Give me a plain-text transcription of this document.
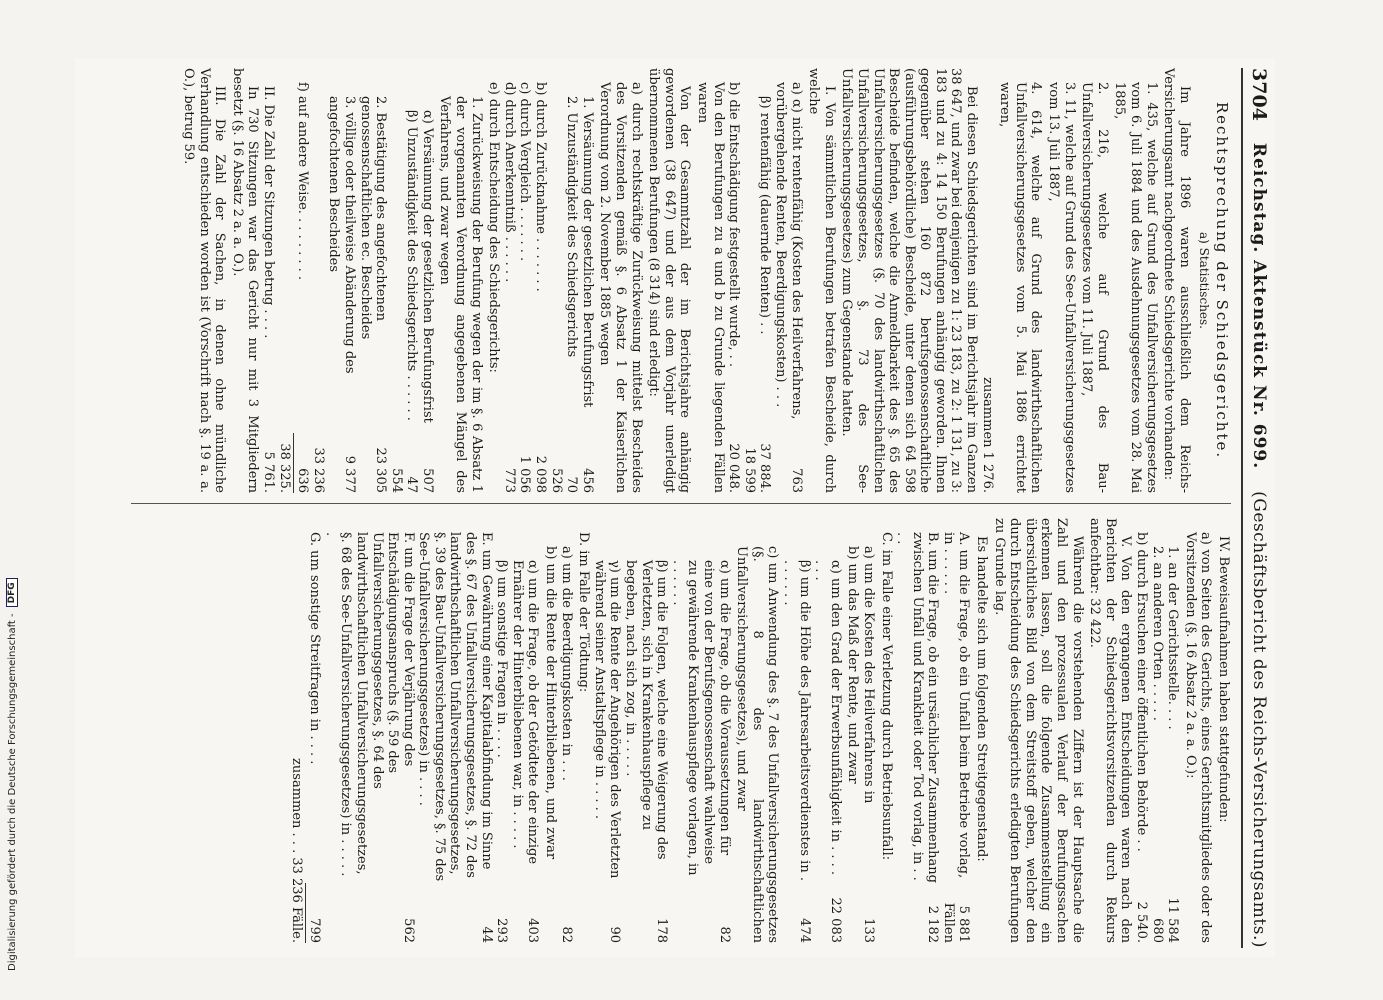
Digitalisierung gefördert durch die Deutsche Forschungsgemeinschaft -
DFG
3704
Reichstag. Aktenstück Nr. 699.
(Geschäftsbericht des Reichs-Versicherungsamts.)
Rechtsprechung der Schiedsgerichte.
a) Statistisches.

Im Jahre 1896 waren ausschließlich dem Reichs-Versicherungsamt nachgeordnete Schiedsgerichte vorhanden:

1. 435, welche auf Grund des Unfallversicherungsgesetzes vom 6. Juli 1884 und des Ausdehnungsgesetzes vom 28. Mai 1885,
2. 216, welche auf Grund des Bau-Unfallversicherungsgesetzes vom 11. Juli 1887,
3. 11, welche auf Grund des See-Unfallversicherungsgesetzes vom 13. Juli 1887,
4. 614, welche auf Grund des landwirthschaftlichen Unfallversicherungsgesetzes vom 5. Mai 1886 errichtet waren,
zusammen 1 276.

Bei diesen Schiedsgerichten sind im Berichtsjahr im Ganzen 38 647, und zwar bei denjenigen zu 1: 23 183, zu 2: 1 131, zu 3: 183 und zu 4: 14 150 Berufungen anhängig geworden. Ihnen gegenüber stehen 160 872 berufsgenossenschaftliche (ausführungsbehördliche) Bescheide, unter denen sich 64 598 Bescheide befinden, welche die Anmeldbarkeit des §. 65 des Unfallversicherungsgesetzes (§. 70 des landwirthschaftlichen Unfallversicherungsgesetzes, §. 73 des See-Unfallversicherungsgesetzes) zum Gegenstande hatten.

I. Von sämmtlichen Berufungen betrafen Bescheide, durch welche

a) α) nicht rentenfähig (Kosten des Heilverfahrens, vorübergehende Renten, Beerdigungskosten) . . .
763
β) rentenfähig (dauernde Renten) . .
37 884.
18 599
b) die Entschädigung festgestellt wurde, . .
20 048.

Von den Berufungen zu a und b zu Grunde liegenden Fällen waren

Von der Gesammtzahl der im Berichtsjahre anhängig gewordenen (38 647) und der aus dem Vorjahr unerledigt übernommenen Berufungen (8 314) sind erledigt:

a) durch rechtskräftige Zurückweisung mittelst Bescheides des Vorsitzenden gemäß §. 6 Absatz 1 der Kaiserlichen Verordnung vom 2. November 1885 wegen

1. Versäumung der gesetzlichen Berufungsfrist
456
2. Unzuständigkeit des Schiedsgerichts
70
526
b) durch Zurücknahme . . . . . . .
2 098
c) durch Vergleich . . . . . . .
1 056
d) durch Anerkenntniß . . . . . .
773
e) durch Entscheidung des Schiedsgerichts:

1. Zurückweisung der Berufung wegen der im §. 6 Absatz 1 der vorgenannten Verordnung angegebenen Mängel des Verfahrens, und zwar wegen

α) Versäumung der gesetzlichen Berufungsfrist
507
β) Unzuständigkeit des Schiedsgerichts . . . . . .
47
554
2. Bestätigung des angefochtenen genossenschaftlichen ec. Bescheides
23 305
3. völlige oder theilweise Abänderung des angefochtenen Bescheides
9 377
33 236
f) auf andere Weise. . . . . . . . .
636
38 325.
II. Die Zahl der Sitzungen betrug . . . .
5 761.

In 730 Sitzungen war das Gericht nur mit 3 Mitgliedern besetzt (§. 16 Absatz 2 a. a. O.).

III. Die Zahl der Sachen, in denen ohne mündliche Verhandlung entschieden worden ist (Vorschrift nach §. 19 a. a. O.), betrug 59.

IV. Beweisaufnahmen haben stattgefunden:

a) von Seiten des Gerichts, eines Gerichtsmitgliedes oder des Vorsitzenden (§. 16 Absatz 2 a. a. O.):

1. an der Gerichtsstelle. . . .
11 584
2. an anderen Orten . . . . .
680
b) durch Ersuchen einer öffentlichen Behörde . .
2 540.

V. Von den ergangenen Entscheidungen waren nach den Berichten der Schiedsgerichtsvorsitzenden durch Rekurs anfechtbar: 32 422.

Während die vorstehenden Ziffern ist der Hauptsache die Zahl und den prozessualen Verlauf der Berufungssachen erkennen lassen, soll die folgende Zusammenstellung ein übersichtliches Bild von dem Streitstoff geben, welcher den durch Entscheidung des Schiedsgerichts erledigten Berufungen zu Grunde lag.

Es handelte sich um folgenden Streitgegenstand:

A. um die Frage, ob ein Unfall beim Betriebe vorlag, in . . . . . .
5 881 Fällen
B. um die Frage, ob ein ursächlicher Zusammenhang zwischen Unfall und Krankheit oder Tod vorlag, in . . . .
2 182
C. im Falle einer Verletzung durch Betriebsunfall:
a) um die Kosten des Heilverfahrens in
133
b) um das Maß der Rente, und zwar
α) um den Grad der Erwerbsunfähigkeit in . . . . . . .
22 083
β) um die Höhe des Jahresarbeitsverdienstes in . . . . . . .
474
c) um Anwendung des §. 7 des Unfallversicherungsgesetzes (§. 8 des landwirthschaftlichen Unfallversicherungsgesetzes), und zwar
α) um die Frage, ob die Voraussetzungen für eine von der Berufsgenossenschaft wahlweise zu gewährende Krankenhauspflege vorlagen, in . . . . . .
82
β) um die Folgen, welche eine Weigerung des Verletzten, sich in Krankenhauspflege zu begeben, nach sich zog, in . . . . .
178
γ) um die Rente der Angehörigen des Verletzten während seiner Anstaltspflege in . . . . .
90
D. im Falle der Tödtung:
a) um die Beerdigungskosten in . . .
82
b) um die Rente der Hinterbliebenen, und zwar
α) um die Frage, ob der Getödtete der einzige Ernährer der Hinterbliebenen war, in . . . . .
403
β) um sonstige Fragen in . . . .
293
E. um Gewährung einer Kapitalabfindung im Sinne des §. 67 des Unfallversicherungsgesetzes, §. 72 des landwirthschaftlichen Unfallversicherungsgesetzes, §. 39 des Bau-Unfallversicherungsgesetzes, §. 75 des See-Unfallversicherungsgesetzes) in . . . .
44
F. um die Frage der Verjährung des Entschädigungsanspruchs (§. 59 des Unfallversicherungsgesetzes, §. 64 des landwirthschaftlichen Unfallversicherungsgesetzes, §. 68 des See-Unfallversicherungsgesetzes) in . . . . . .
562
G. um sonstige Streitfragen in . . . .
799
zusammen . . . 33 236 Fälle.
